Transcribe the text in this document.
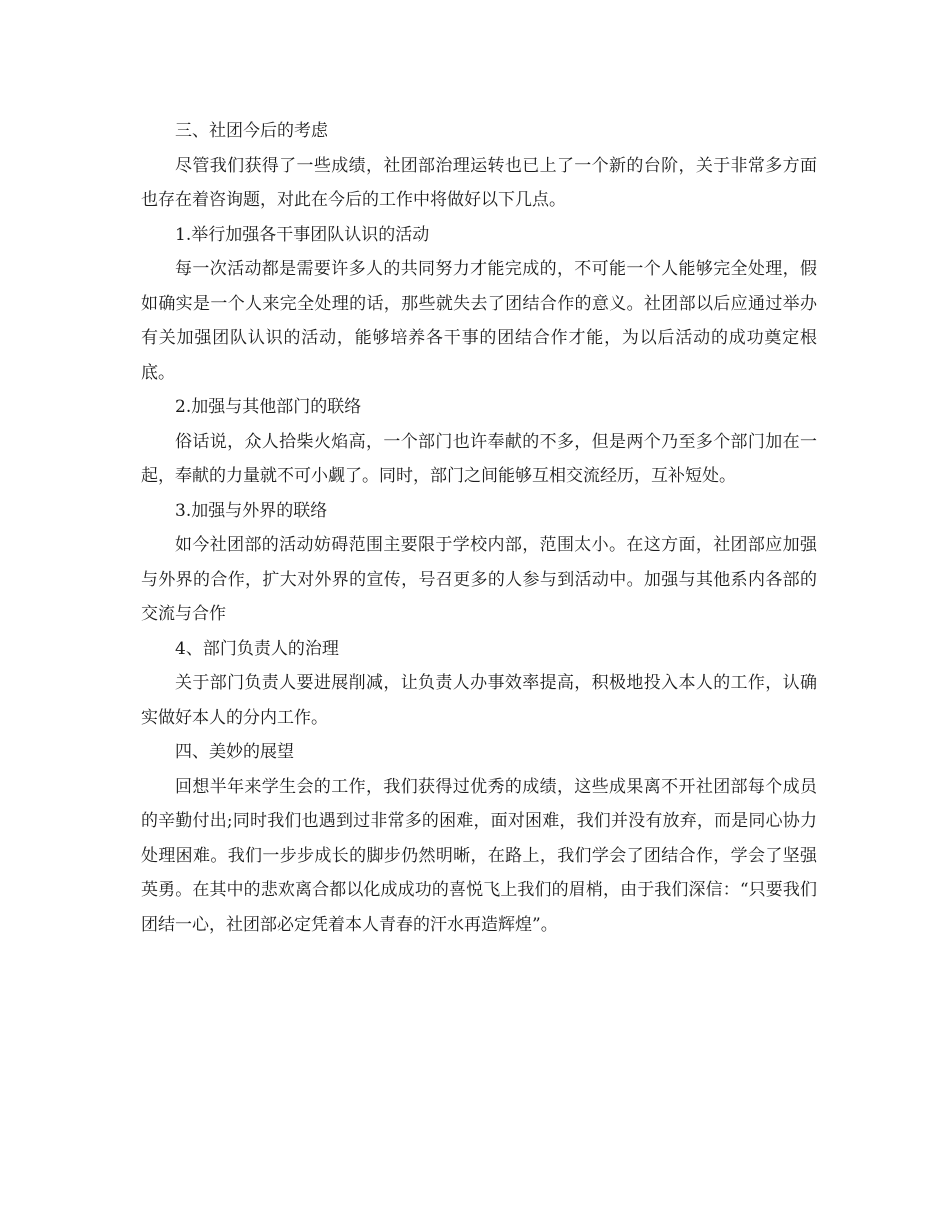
三、社团今后的考虑

尽管我们获得了一些成绩，社团部治理运转也已上了一个新的台阶，关于非常多方面也存在着咨询题，对此在今后的工作中将做好以下几点。

1.举行加强各干事团队认识的活动

每一次活动都是需要许多人的共同努力才能完成的，不可能一个人能够完全处理，假如确实是一个人来完全处理的话，那些就失去了团结合作的意义。社团部以后应通过举办有关加强团队认识的活动，能够培养各干事的团结合作才能，为以后活动的成功奠定根底。

2.加强与其他部门的联络

俗话说，众人拾柴火焰高，一个部门也许奉献的不多，但是两个乃至多个部门加在一起，奉献的力量就不可小觑了。同时，部门之间能够互相交流经历，互补短处。

3.加强与外界的联络

如今社团部的活动妨碍范围主要限于学校内部，范围太小。在这方面，社团部应加强与外界的合作，扩大对外界的宣传，号召更多的人参与到活动中。加强与其他系内各部的交流与合作

4、部门负责人的治理

关于部门负责人要进展削减，让负责人办事效率提高，积极地投入本人的工作，认确实做好本人的分内工作。

四、美妙的展望

回想半年来学生会的工作，我们获得过优秀的成绩，这些成果离不开社团部每个成员的辛勤付出;同时我们也遇到过非常多的困难，面对困难，我们并没有放弃，而是同心协力处理困难。我们一步步成长的脚步仍然明晰，在路上，我们学会了团结合作，学会了坚强英勇。在其中的悲欢离合都以化成成功的喜悦飞上我们的眉梢，由于我们深信：“只要我们团结一心，社团部必定凭着本人青春的汗水再造辉煌”。
